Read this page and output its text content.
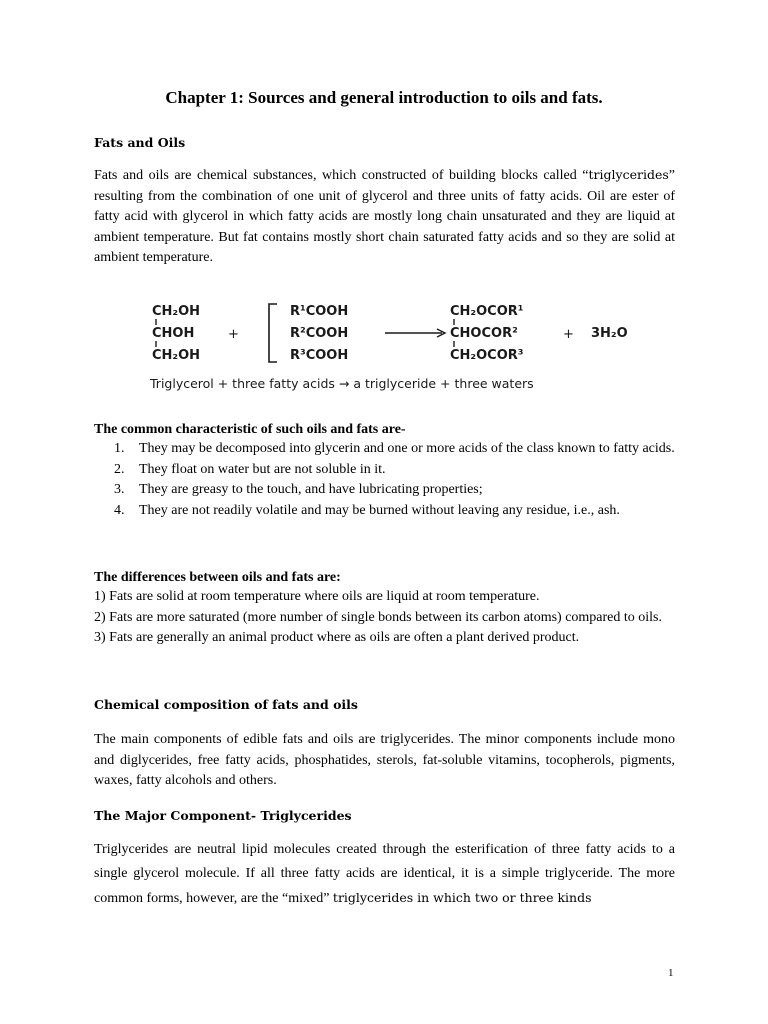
Chapter 1: Sources and general introduction to oils and fats.
Fats and Oils
Fats and oils are chemical substances, which constructed of building blocks called “triglycerides” resulting from the combination of one unit of glycerol and three units of fatty acids. Oil are ester of fatty acid with glycerol in which fatty acids are mostly long chain unsaturated and they are liquid at ambient temperature. But fat contains mostly short chain saturated fatty acids and so they are solid at ambient temperature.
CH₂OH
CHOH
CH₂OH
+
R¹COOH
R²COOH
R³COOH
CH₂OCOR¹
CHOCOR²
CH₂OCOR³
+ 3H₂O
Triglycerol + three fatty acids → a triglyceride + three waters
The common characteristic of such oils and fats are-
1. They may be decomposed into glycerin and one or more acids of the class known to fatty acids.
2. They float on water but are not soluble in it.
3. They are greasy to the touch, and have lubricating properties;
4. They are not readily volatile and may be burned without leaving any residue, i.e., ash.
The differences between oils and fats are:
1) Fats are solid at room temperature where oils are liquid at room temperature.
2) Fats are more saturated (more number of single bonds between its carbon atoms) compared to oils.
3) Fats are generally an animal product where as oils are often a plant derived product.
Chemical composition of fats and oils
The main components of edible fats and oils are triglycerides. The minor components include mono and diglycerides, free fatty acids, phosphatides, sterols, fat-soluble vitamins, tocopherols, pigments, waxes, fatty alcohols and others.
The Major Component- Triglycerides
Triglycerides are neutral lipid molecules created through the esterification of three fatty acids to a single glycerol molecule. If all three fatty acids are identical, it is a simple triglyceride. The more common forms, however, are the “mixed” triglycerides in which two or three kinds
1
